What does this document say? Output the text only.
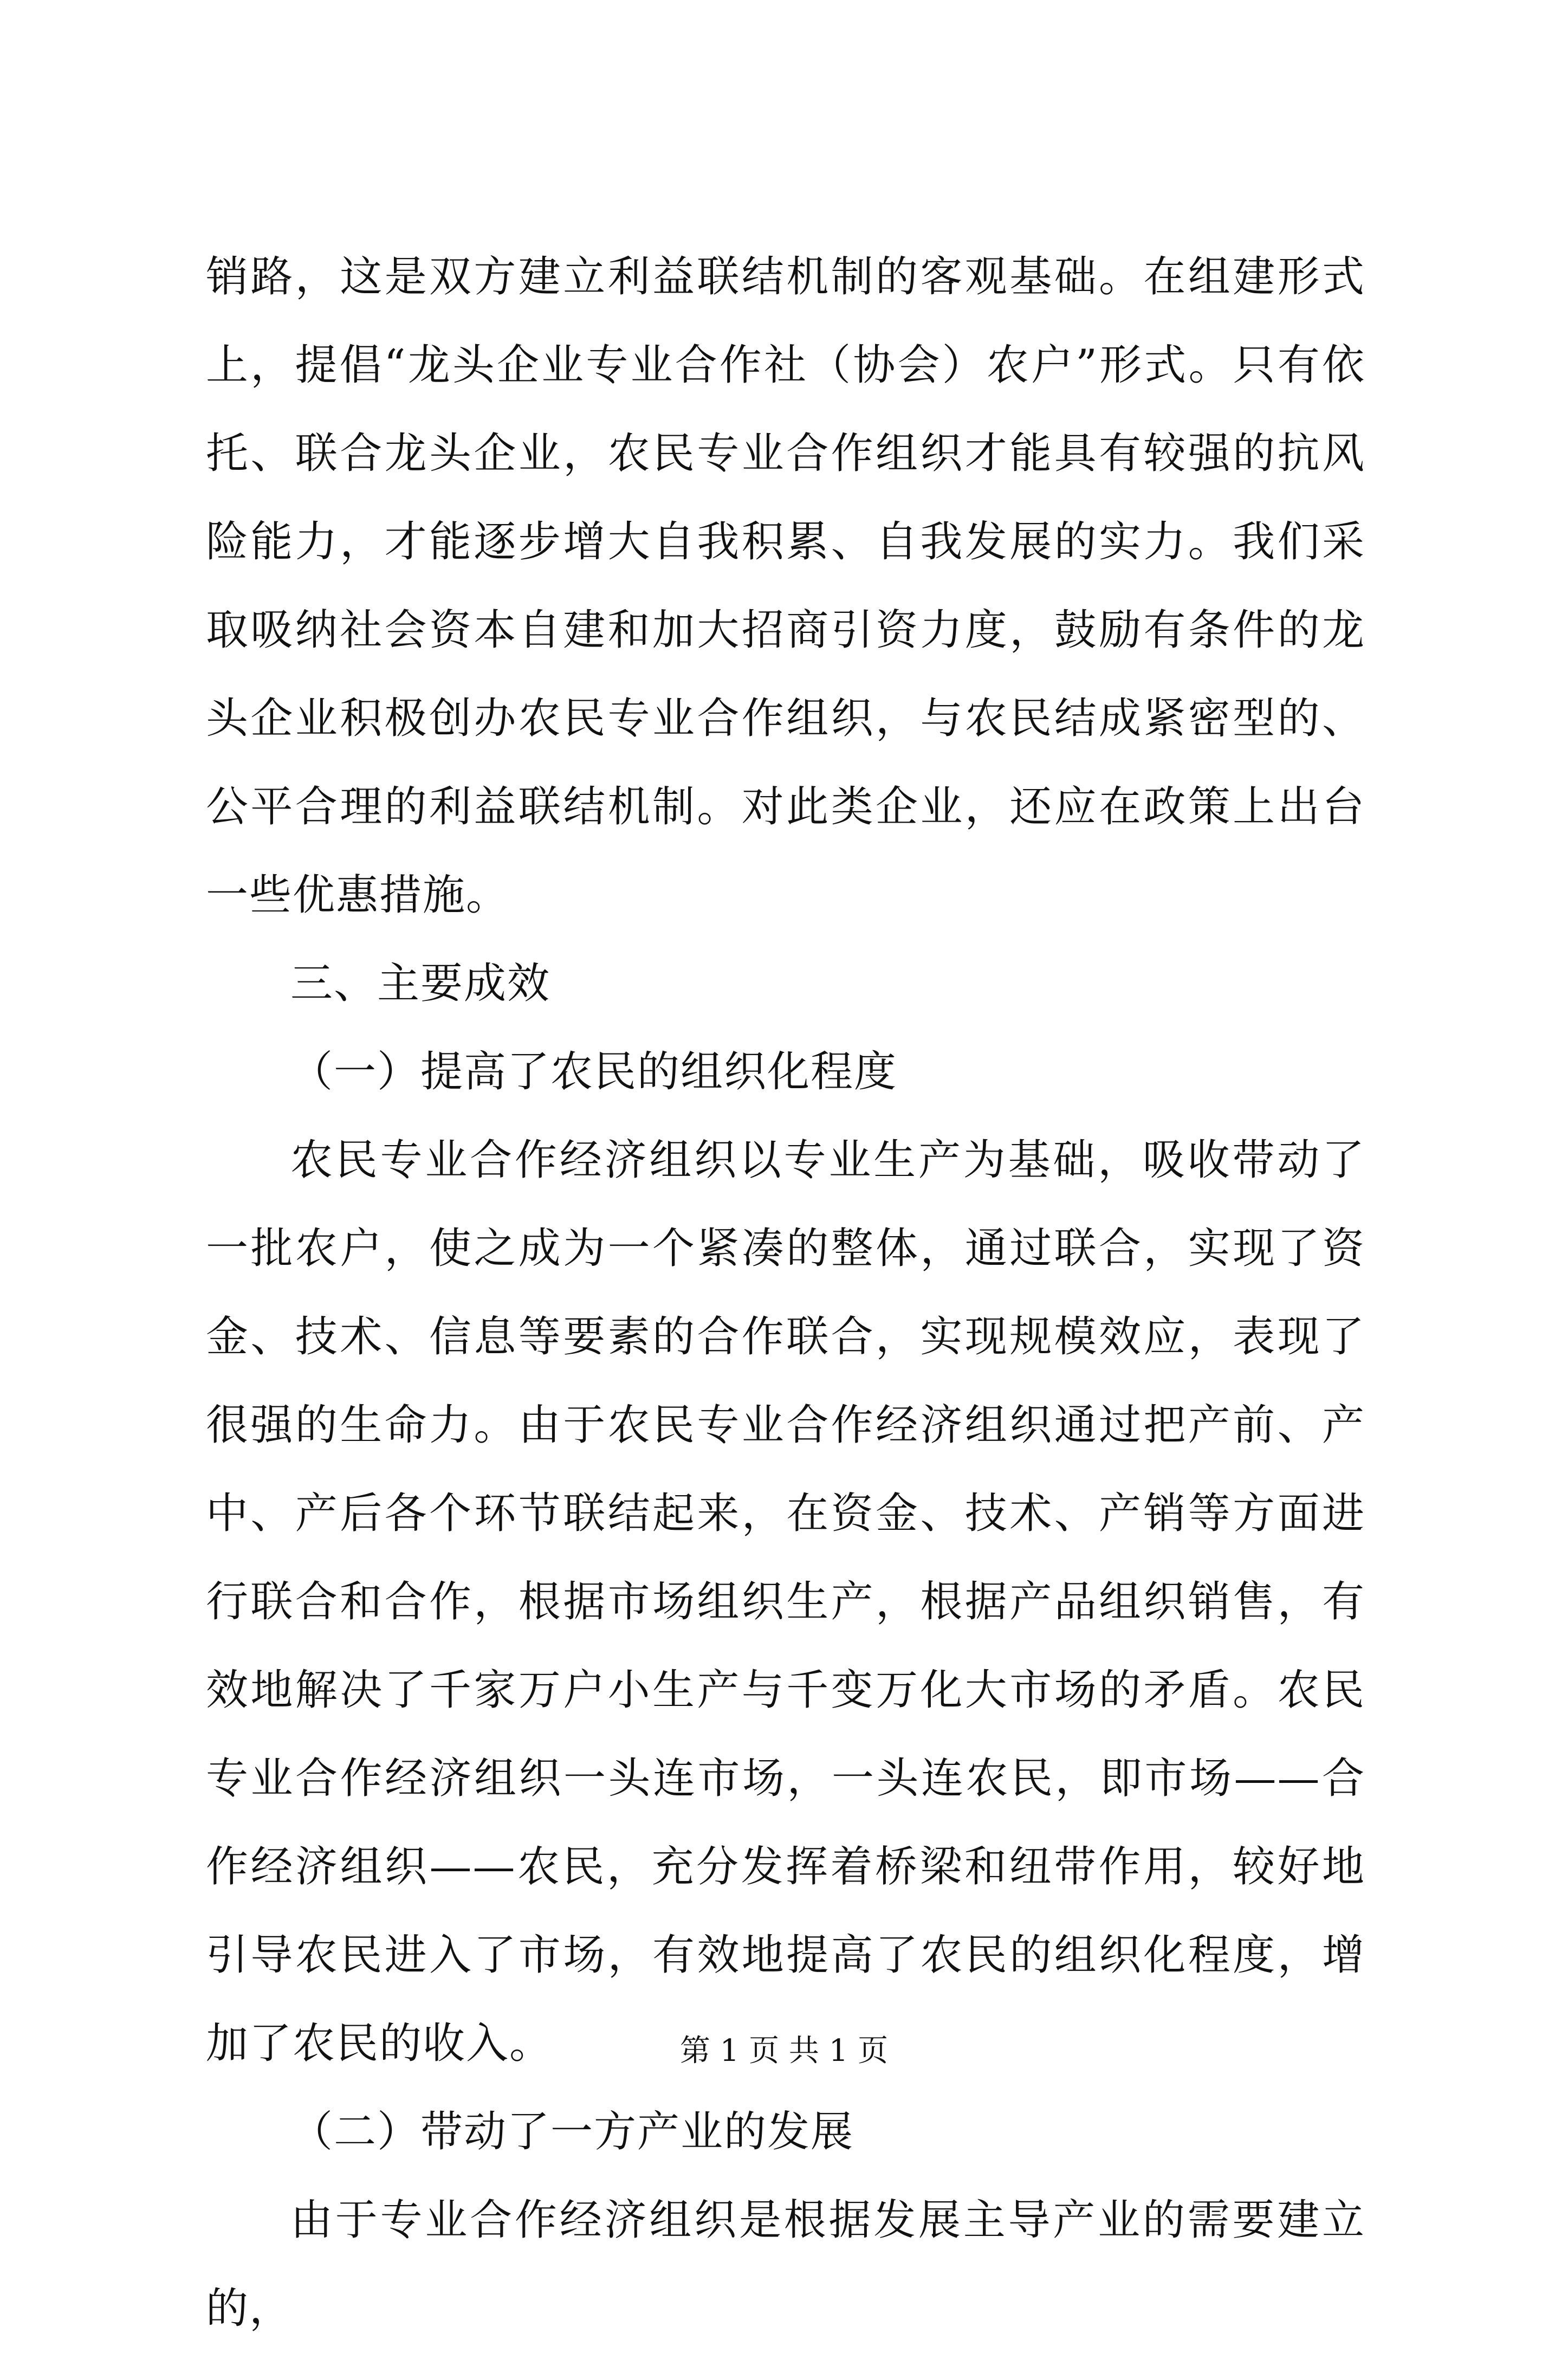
销路，这是双方建立利益联结机制的客观基础。在组建形式上，提倡“龙头企业专业合作社（协会）农户”形式。只有依托、联合龙头企业，农民专业合作组织才能具有较强的抗风险能力，才能逐步增大自我积累、自我发展的实力。我们采取吸纳社会资本自建和加大招商引资力度，鼓励有条件的龙头企业积极创办农民专业合作组织，与农民结成紧密型的、公平合理的利益联结机制。对此类企业，还应在政策上出台一些优惠措施。

三、主要成效

（一）提高了农民的组织化程度

农民专业合作经济组织以专业生产为基础，吸收带动了一批农户，使之成为一个紧凑的整体，通过联合，实现了资金、技术、信息等要素的合作联合，实现规模效应，表现了很强的生命力。由于农民专业合作经济组织通过把产前、产中、产后各个环节联结起来，在资金、技术、产销等方面进行联合和合作，根据市场组织生产，根据产品组织销售，有效地解决了千家万户小生产与千变万化大市场的矛盾。农民专业合作经济组织一头连市场，一头连农民，即市场——合作经济组织——农民，充分发挥着桥梁和纽带作用，较好地引导农民进入了市场，有效地提高了农民的组织化程度，增加了农民的收入。

（二）带动了一方产业的发展

由于专业合作经济组织是根据发展主导产业的需要建立的，

第 1 页 共 1 页
